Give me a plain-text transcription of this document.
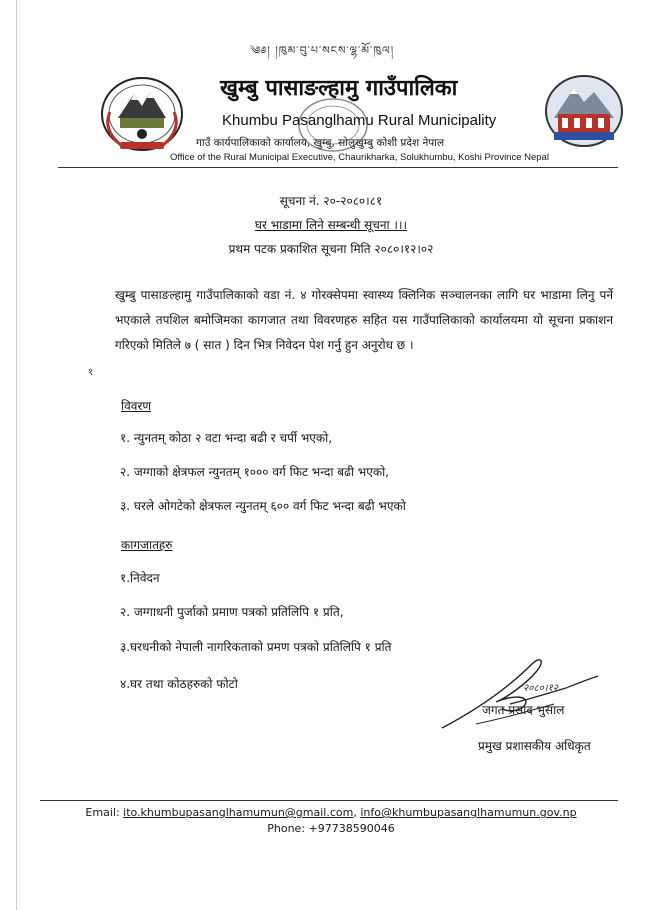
༄༅། །ཁུམ་བུ་པ་སངས་ལྷ་མོ་ཁུལ།
खुम्बु पासाङल्हामु गाउँपालिका
Khumbu Pasanglhamu Rural Municipality
गाउँ कार्यपालिकाको कार्यालय, खुम्बु, सोलुखुम्बु कोशी प्रदेश नेपाल
Office of the Rural Municipal Executive, Chaurikharka, Solukhumbu, Koshi Province Nepal
सूचना नं. २०-२०८०।८१
घर भाडामा लिने सम्बन्धी सूचना ।।।
प्रथम पटक प्रकाशित सूचना मिति २०८०।१२।०२
खुम्बु पासाङल्हामु गाउँपालिकाको वडा नं. ४ गोरक्सेपमा स्वास्थ्य क्लिनिक सञ्चालनका लागि घर भाडामा लिनु पर्ने भएकाले तपशिल बमोजिमका कागजात तथा विवरणहरु सहित यस गाउँपालिकाको कार्यालयमा यो सूचना प्रकाशन गरिएको मितिले ७ ( सात ) दिन भित्र निवेदन पेश गर्नु हुन अनुरोध छ ।
१
विवरण
१. न्युनतम् कोठा २ वटा भन्दा बढी र चर्पी भएको,
२. जग्गाको क्षेत्रफल न्युनतम् १००० वर्ग फिट भन्दा बढी भएको,
३. घरले ओगटेको क्षेत्रफल न्युनतम् ६०० वर्ग फिट भन्दा बढी भएको
कागजातहरु
१.निवेदन
२. जग्गाधनी पुर्जाको प्रमाण पत्रको प्रतिलिपि १ प्रति,
३.घरधनीको नेपाली नागरिकताको प्रमण पत्रको प्रतिलिपि १ प्रति
४.घर तथा कोठहरुको फोटो	२०८०।१२
जगत प्रसाद भुसाल
प्रमुख प्रशासकीय अधिकृत
Email: ito.khumbupasanglhamumun@gmail.com, info@khumbupasanglhamumun.gov.np
Phone: +97738590046
